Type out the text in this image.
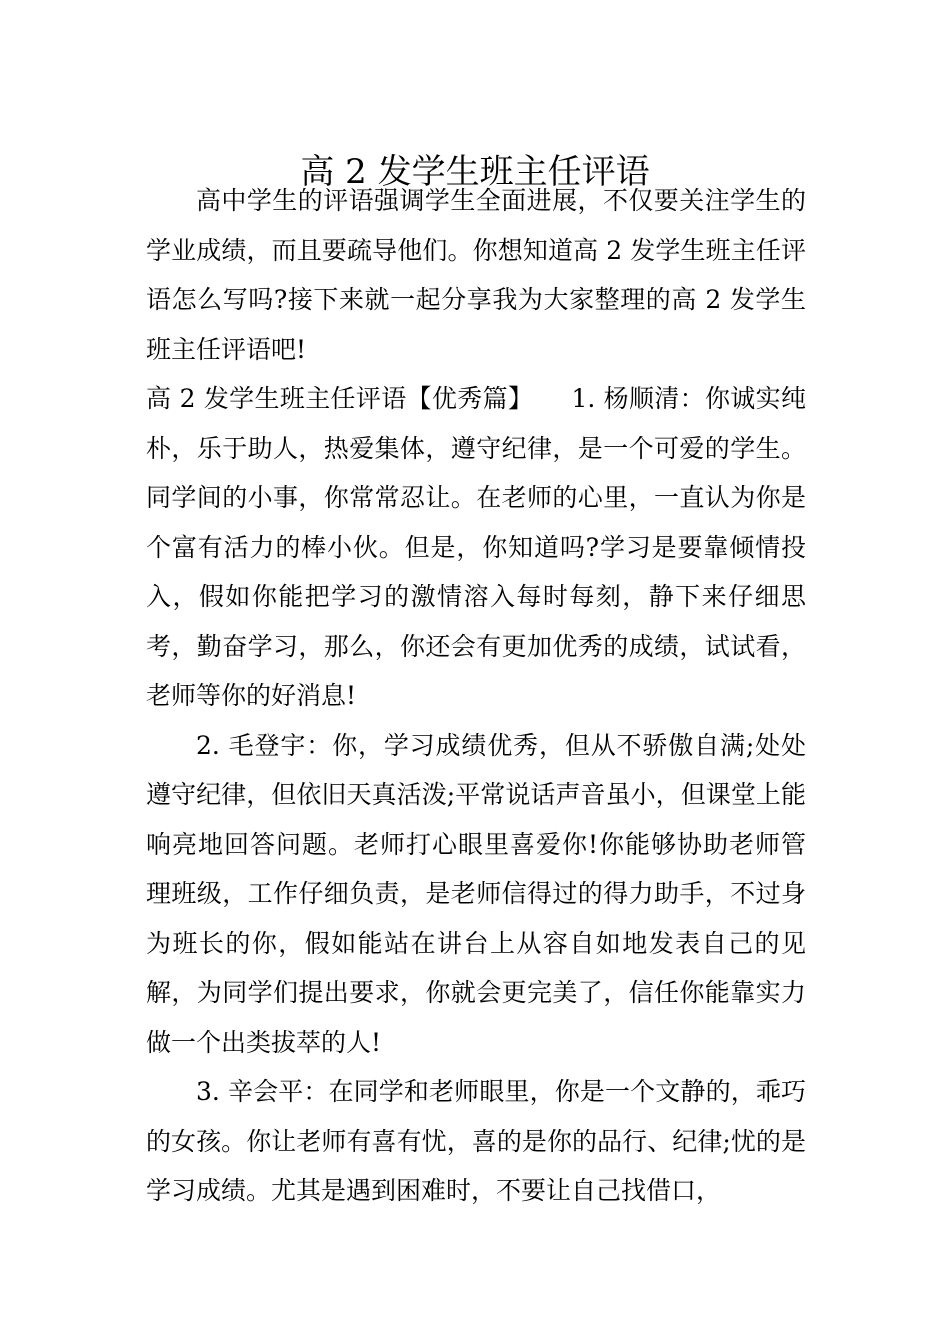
高 2 发学生班主任评语

高中学生的评语强调学生全面进展，不仅要关注学生的学业成绩，而且要疏导他们。你想知道高 2 发学生班主任评语怎么写吗?接下来就一起分享我为大家整理的高 2 发学生班主任评语吧!

高 2 发学生班主任评语【优秀篇】　　1. 杨顺清：你诚实纯朴，乐于助人，热爱集体，遵守纪律，是一个可爱的学生。同学间的小事，你常常忍让。在老师的心里，一直认为你是个富有活力的棒小伙。但是，你知道吗?学习是要靠倾情投入，假如你能把学习的激情溶入每时每刻，静下来仔细思考，勤奋学习，那么，你还会有更加优秀的成绩，试试看，老师等你的好消息!

2. 毛登宇：你，学习成绩优秀，但从不骄傲自满;处处遵守纪律，但依旧天真活泼;平常说话声音虽小，但课堂上能响亮地回答问题。老师打心眼里喜爱你!你能够协助老师管理班级，工作仔细负责，是老师信得过的得力助手，不过身为班长的你，假如能站在讲台上从容自如地发表自己的见解，为同学们提出要求，你就会更完美了，信任你能靠实力做一个出类拔萃的人!

3. 辛会平：在同学和老师眼里，你是一个文静的，乖巧的女孩。你让老师有喜有忧，喜的是你的品行、纪律;忧的是学习成绩。尤其是遇到困难时，不要让自己找借口，
